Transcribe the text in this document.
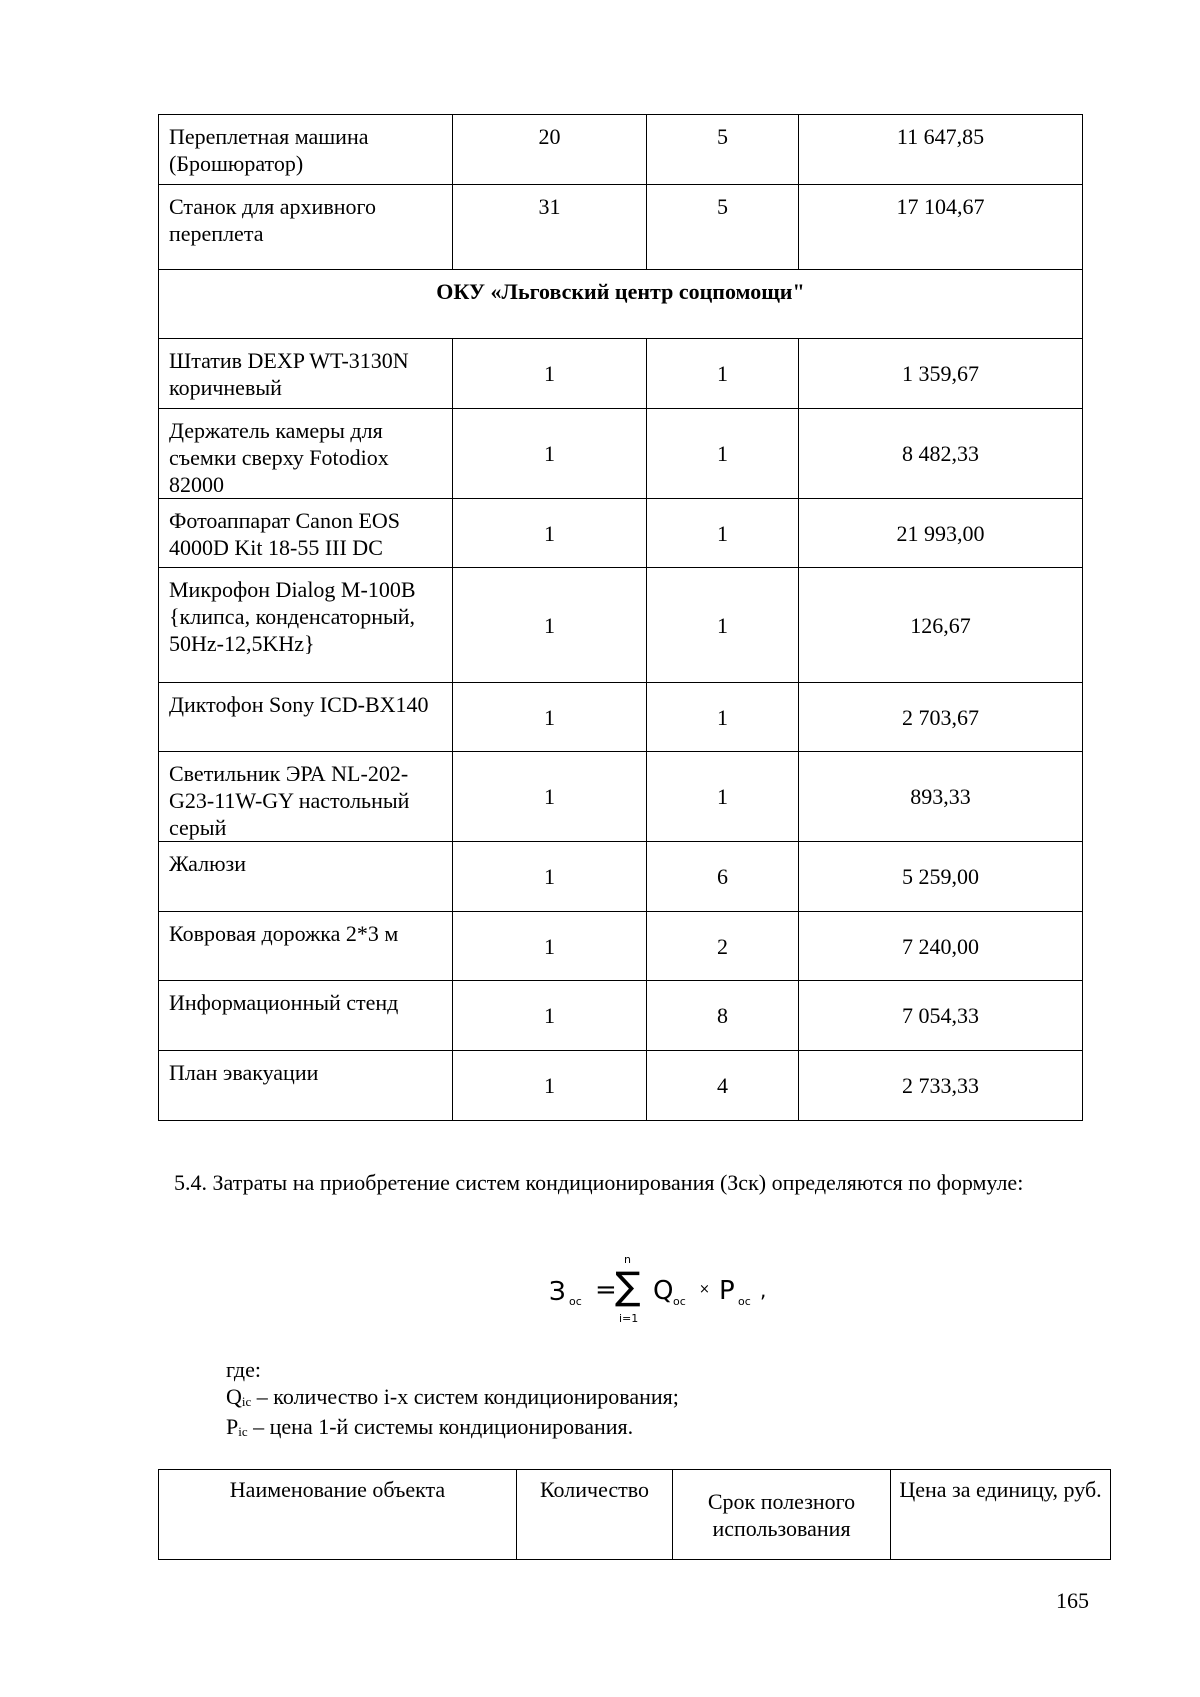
Переплетная машина (Брошюратор)	20	5	11 647,85
Станок для архивного переплета	31	5	17 104,67
ОКУ «Льговский центр соцпомощи"			
Штатив DEXP WT-3130N коричневый	1	1	1 359,67
Держатель камеры для съемки сверху Fotodiox 82000	1	1	8 482,33
Фотоаппарат Canon EOS 4000D Kit 18-55 III DC	1	1	21 993,00
Микрофон Dialog M-100B {клипса, конденсаторный, 50Hz-12,5KHz}	1	1	126,67
Диктофон Sony ICD-BX140	1	1	2 703,67
Светильник ЭРА NL-202-G23-11W-GY настольный серый	1	1	893,33
Жалюзи	1	6	5 259,00
Ковровая дорожка 2*3 м	1	2	7 240,00
Информационный стенд	1	8	7 054,33
План эвакуации	1	4	2 733,33
5.4. Затраты на приобретение систем кондиционирования (Зск) определяются по формуле:
З ос =
n
∑
i=1
Q ос
× P ос ,
где:
$Q_{ic}$ – количество i-х систем кондиционирования;
$P_{ic}$ – цена 1-й системы кондиционирования.
Наименование объекта	Количество	Срок полезного использования	Цена за единицу, руб.
165
